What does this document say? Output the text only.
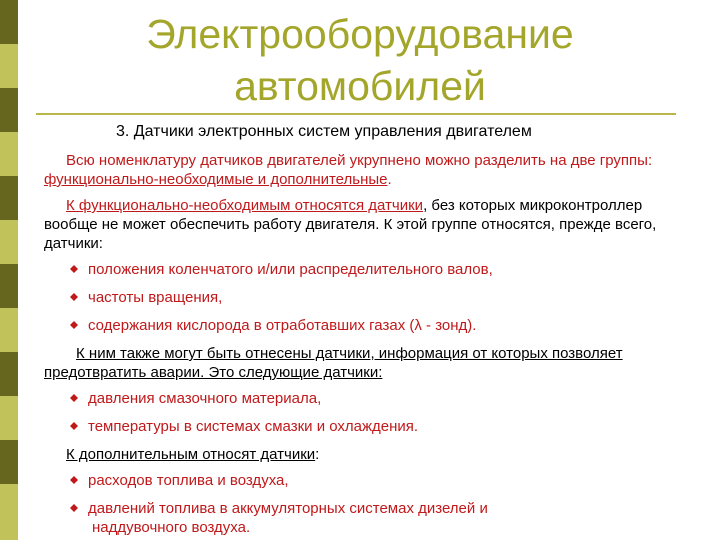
Электрооборудование
автомобилей
3. Датчики электронных систем управления двигателем

Всю номенклатуру датчиков двигателей укрупнено можно разделить на две группы: функционально-необходимые и дополнительные.

К функционально-необходимым относятся датчики, без которых микроконтроллер вообще не может обеспечить работу двигателя. К этой группе относятся, прежде всего, датчики:

положения коленчатого и/или распределительного валов,
частоты вращения,
содержания кислорода в отработавших газах (λ - зонд).

К ним также могут быть отнесены датчики, информация от которых позволяет предотвратить аварии. Это следующие датчики:

давления смазочного материала,
температуры в системах смазки и охлаждения.

К дополнительным относят датчики:

расходов топлива и воздуха,
давлений топлива в аккумуляторных системах дизелей и
наддувочного воздуха.
